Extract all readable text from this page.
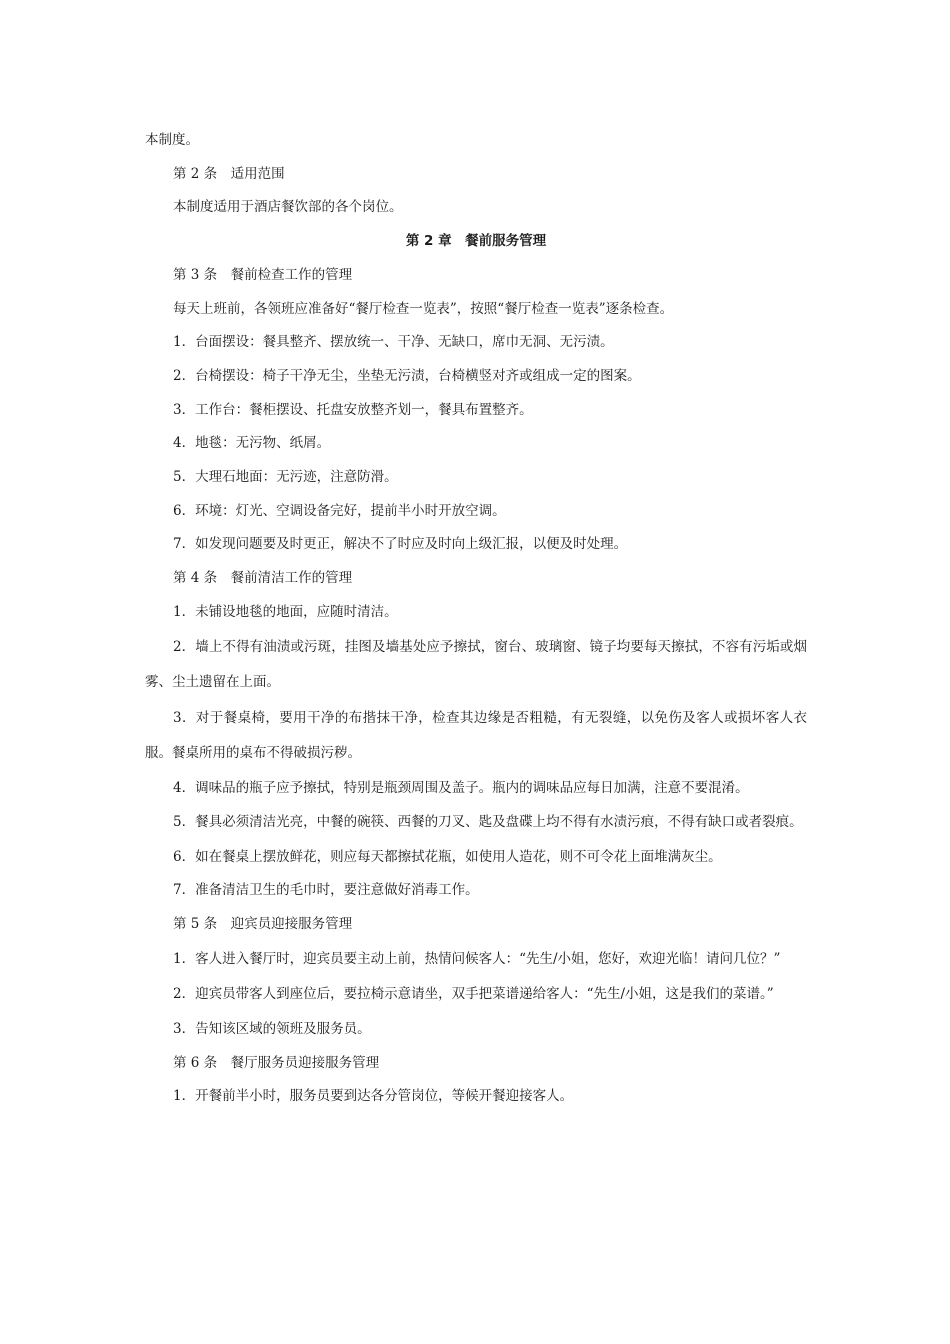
本制度。

第 2 条　适用范围

本制度适用于酒店餐饮部的各个岗位。

第 2 章　餐前服务管理

第 3 条　餐前检查工作的管理

每天上班前，各领班应准备好“餐厅检查一览表”，按照“餐厅检查一览表”逐条检查。

1．台面摆设：餐具整齐、摆放统一、干净、无缺口，席巾无洞、无污渍。

2．台椅摆设：椅子干净无尘，坐垫无污渍，台椅横竖对齐或组成一定的图案。

3．工作台：餐柜摆设、托盘安放整齐划一，餐具布置整齐。

4．地毯：无污物、纸屑。

5．大理石地面：无污迹，注意防滑。

6．环境：灯光、空调设备完好，提前半小时开放空调。

7．如发现问题要及时更正，解决不了时应及时向上级汇报，以便及时处理。

第 4 条　餐前清洁工作的管理

1．未铺设地毯的地面，应随时清洁。

2．墙上不得有油渍或污斑，挂图及墙基处应予擦拭，窗台、玻璃窗、镜子均要每天擦拭，不容有污垢或烟雾、尘土遗留在上面。

3．对于餐桌椅，要用干净的布揩抹干净，检查其边缘是否粗糙，有无裂缝，以免伤及客人或损坏客人衣服。餐桌所用的桌布不得破损污秽。

4．调味品的瓶子应予擦拭，特别是瓶颈周围及盖子。瓶内的调味品应每日加满，注意不要混淆。

5．餐具必须清洁光亮，中餐的碗筷、西餐的刀叉、匙及盘碟上均不得有水渍污痕，不得有缺口或者裂痕。

6．如在餐桌上摆放鲜花，则应每天都擦拭花瓶，如使用人造花，则不可令花上面堆满灰尘。

7．准备清洁卫生的毛巾时，要注意做好消毒工作。

第 5 条　迎宾员迎接服务管理

1．客人进入餐厅时，迎宾员要主动上前，热情问候客人：“先生/小姐，您好，欢迎光临！请问几位？”

2．迎宾员带客人到座位后，要拉椅示意请坐，双手把菜谱递给客人：“先生/小姐，这是我们的菜谱。”

3．告知该区域的领班及服务员。

第 6 条　餐厅服务员迎接服务管理

1．开餐前半小时，服务员要到达各分管岗位，等候开餐迎接客人。
